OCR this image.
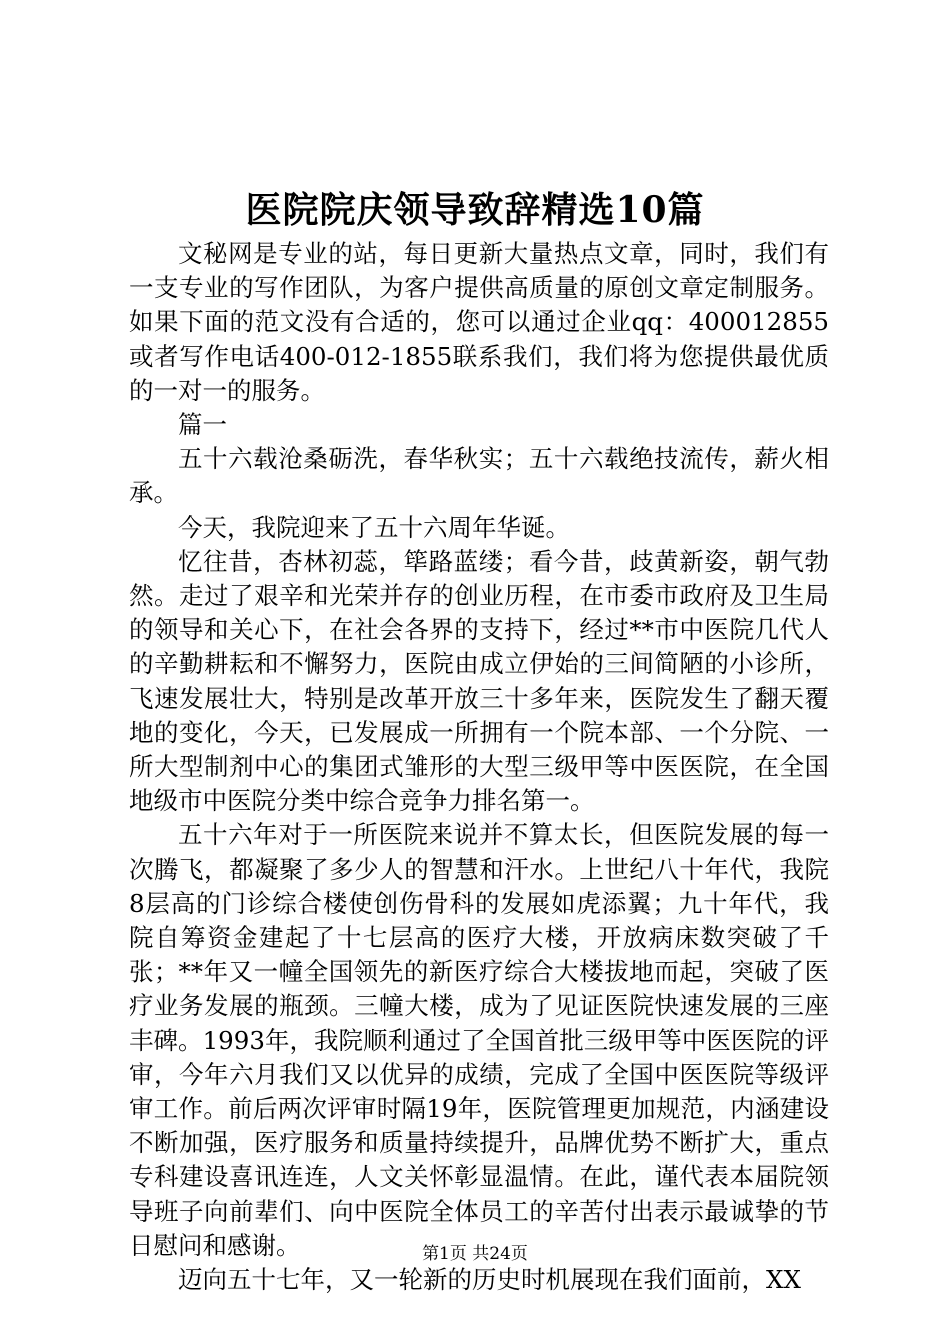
医院院庆领导致辞精选10篇

文秘网是专业的站，每日更新大量热点文章，同时，我们有一支专业的写作团队，为客户提供高质量的原创文章定制服务。如果下面的范文没有合适的，您可以通过企业qq：400012855或者写作电话400-012-1855联系我们，我们将为您提供最优质的一对一的服务。

篇一

五十六载沧桑砺洗，春华秋实；五十六载绝技流传，薪火相承。

今天，我院迎来了五十六周年华诞。

忆往昔，杏林初蕊，筚路蓝缕；看今昔，歧黄新姿，朝气勃然。走过了艰辛和光荣并存的创业历程，在市委市政府及卫生局的领导和关心下，在社会各界的支持下，经过**市中医院几代人的辛勤耕耘和不懈努力，医院由成立伊始的三间简陋的小诊所，飞速发展壮大，特别是改革开放三十多年来，医院发生了翻天覆地的变化，今天，已发展成一所拥有一个院本部、一个分院、一所大型制剂中心的集团式雏形的大型三级甲等中医医院，在全国地级市中医院分类中综合竞争力排名第一。

五十六年对于一所医院来说并不算太长，但医院发展的每一次腾飞，都凝聚了多少人的智慧和汗水。上世纪八十年代，我院8层高的门诊综合楼使创伤骨科的发展如虎添翼；九十年代，我院自筹资金建起了十七层高的医疗大楼，开放病床数突破了千张；**年又一幢全国领先的新医疗综合大楼拔地而起，突破了医疗业务发展的瓶颈。三幢大楼，成为了见证医院快速发展的三座丰碑。1993年，我院顺利通过了全国首批三级甲等中医医院的评审，今年六月我们又以优异的成绩，完成了全国中医医院等级评审工作。前后两次评审时隔19年，医院管理更加规范，内涵建设不断加强，医疗服务和质量持续提升，品牌优势不断扩大，重点专科建设喜讯连连，人文关怀彰显温情。在此，谨代表本届院领导班子向前辈们、向中医院全体员工的辛苦付出表示最诚挚的节日慰问和感谢。

迈向五十七年，又一轮新的历史时机展现在我们面前，XX

第1页 共24页
